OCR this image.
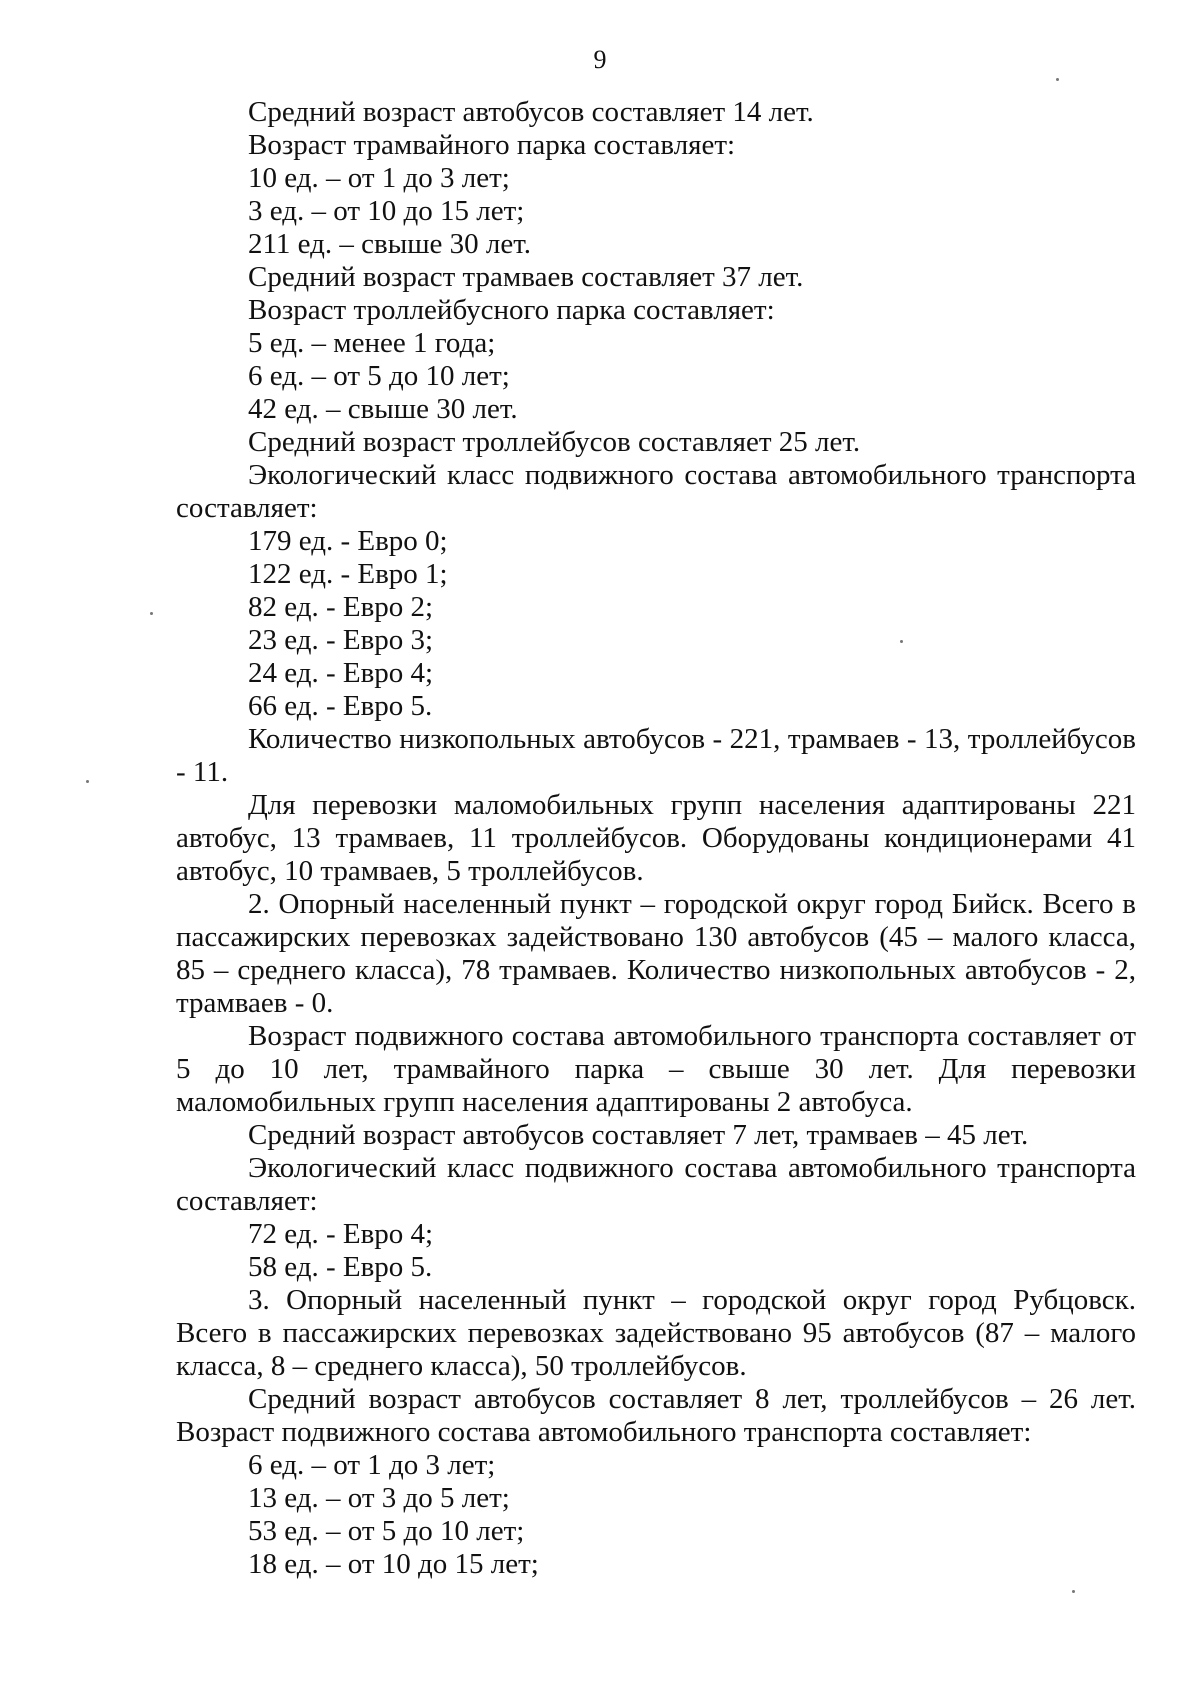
9

Средний возраст автобусов составляет 14 лет.

Возраст трамвайного парка составляет:

10 ед. – от 1 до 3 лет;

3 ед. – от 10 до 15 лет;

211 ед. – свыше 30 лет.

Средний возраст трамваев составляет 37 лет.

Возраст троллейбусного парка составляет:

5 ед. – менее 1 года;

6 ед. – от 5 до 10 лет;

42 ед. – свыше 30 лет.

Средний возраст троллейбусов составляет 25 лет.

Экологический класс подвижного состава автомобильного транспорта составляет:

179 ед. - Евро 0;

122 ед. - Евро 1;

82 ед. - Евро 2;

23 ед. - Евро 3;

24 ед. - Евро 4;

66 ед. - Евро 5.

Количество низкопольных автобусов - 221, трамваев - 13, троллейбусов - 11.

Для перевозки маломобильных групп населения адаптированы 221 автобус, 13 трамваев, 11 троллейбусов. Оборудованы кондиционерами 41 автобус, 10 трамваев, 5 троллейбусов.

2. Опорный населенный пункт – городской округ город Бийск. Всего в пассажирских перевозках задействовано 130 автобусов (45 – малого класса, 85 – среднего класса), 78 трамваев. Количество низкопольных автобусов - 2, трамваев - 0.

Возраст подвижного состава автомобильного транспорта составляет от 5 до 10 лет, трамвайного парка – свыше 30 лет. Для перевозки маломобильных групп населения адаптированы 2 автобуса.

Средний возраст автобусов составляет 7 лет, трамваев – 45 лет.

Экологический класс подвижного состава автомобильного транспорта составляет:

72 ед. - Евро 4;

58 ед. - Евро 5.

3. Опорный населенный пункт – городской округ город Рубцовск. Всего в пассажирских перевозках задействовано 95 автобусов (87 – малого класса, 8 – среднего класса), 50 троллейбусов.

Средний возраст автобусов составляет 8 лет, троллейбусов – 26 лет. Возраст подвижного состава автомобильного транспорта составляет:

6 ед. – от 1 до 3 лет;

13 ед. – от 3 до 5 лет;

53 ед. – от 5 до 10 лет;

18 ед. – от 10 до 15 лет;
